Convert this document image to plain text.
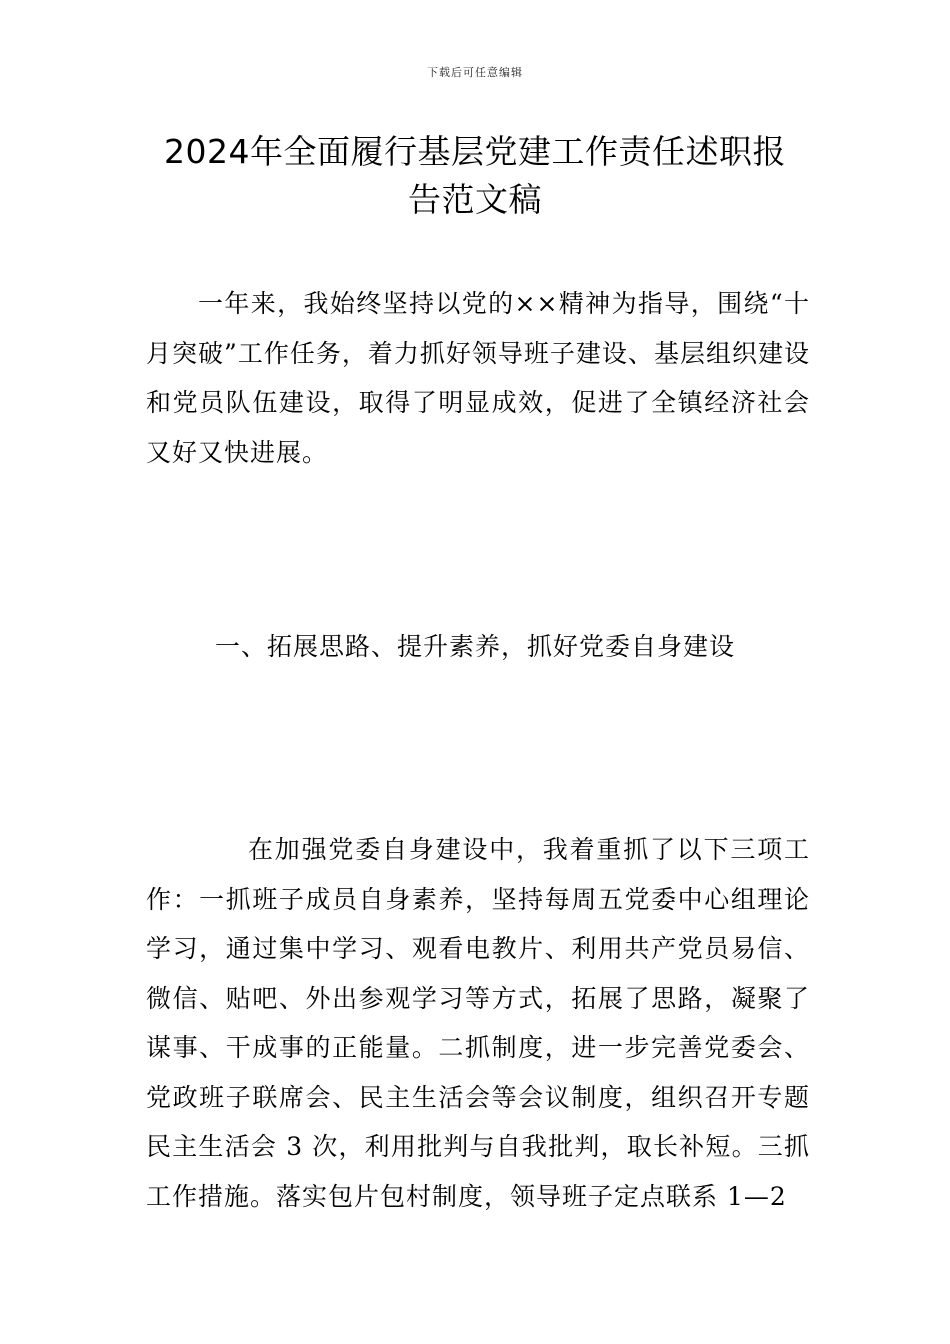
下载后可任意编辑
2024年全面履行基层党建工作责任述职报
告范文稿

一年来，我始终坚持以党的××精神为指导，围绕“十月突破”工作任务，着力抓好领导班子建设、基层组织建设和党员队伍建设，取得了明显成效，促进了全镇经济社会又好又快进展。

一、拓展思路、提升素养，抓好党委自身建设

在加强党委自身建设中，我着重抓了以下三项工作：一抓班子成员自身素养，坚持每周五党委中心组理论学习，通过集中学习、观看电教片、利用共产党员易信、微信、贴吧、外出参观学习等方式，拓展了思路，凝聚了谋事、干成事的正能量。二抓制度，进一步完善党委会、党政班子联席会、民主生活会等会议制度，组织召开专题民主生活会 3 次，利用批判与自我批判，取长补短。三抓工作措施。落实包片包村制度，领导班子定点联系 1—2
